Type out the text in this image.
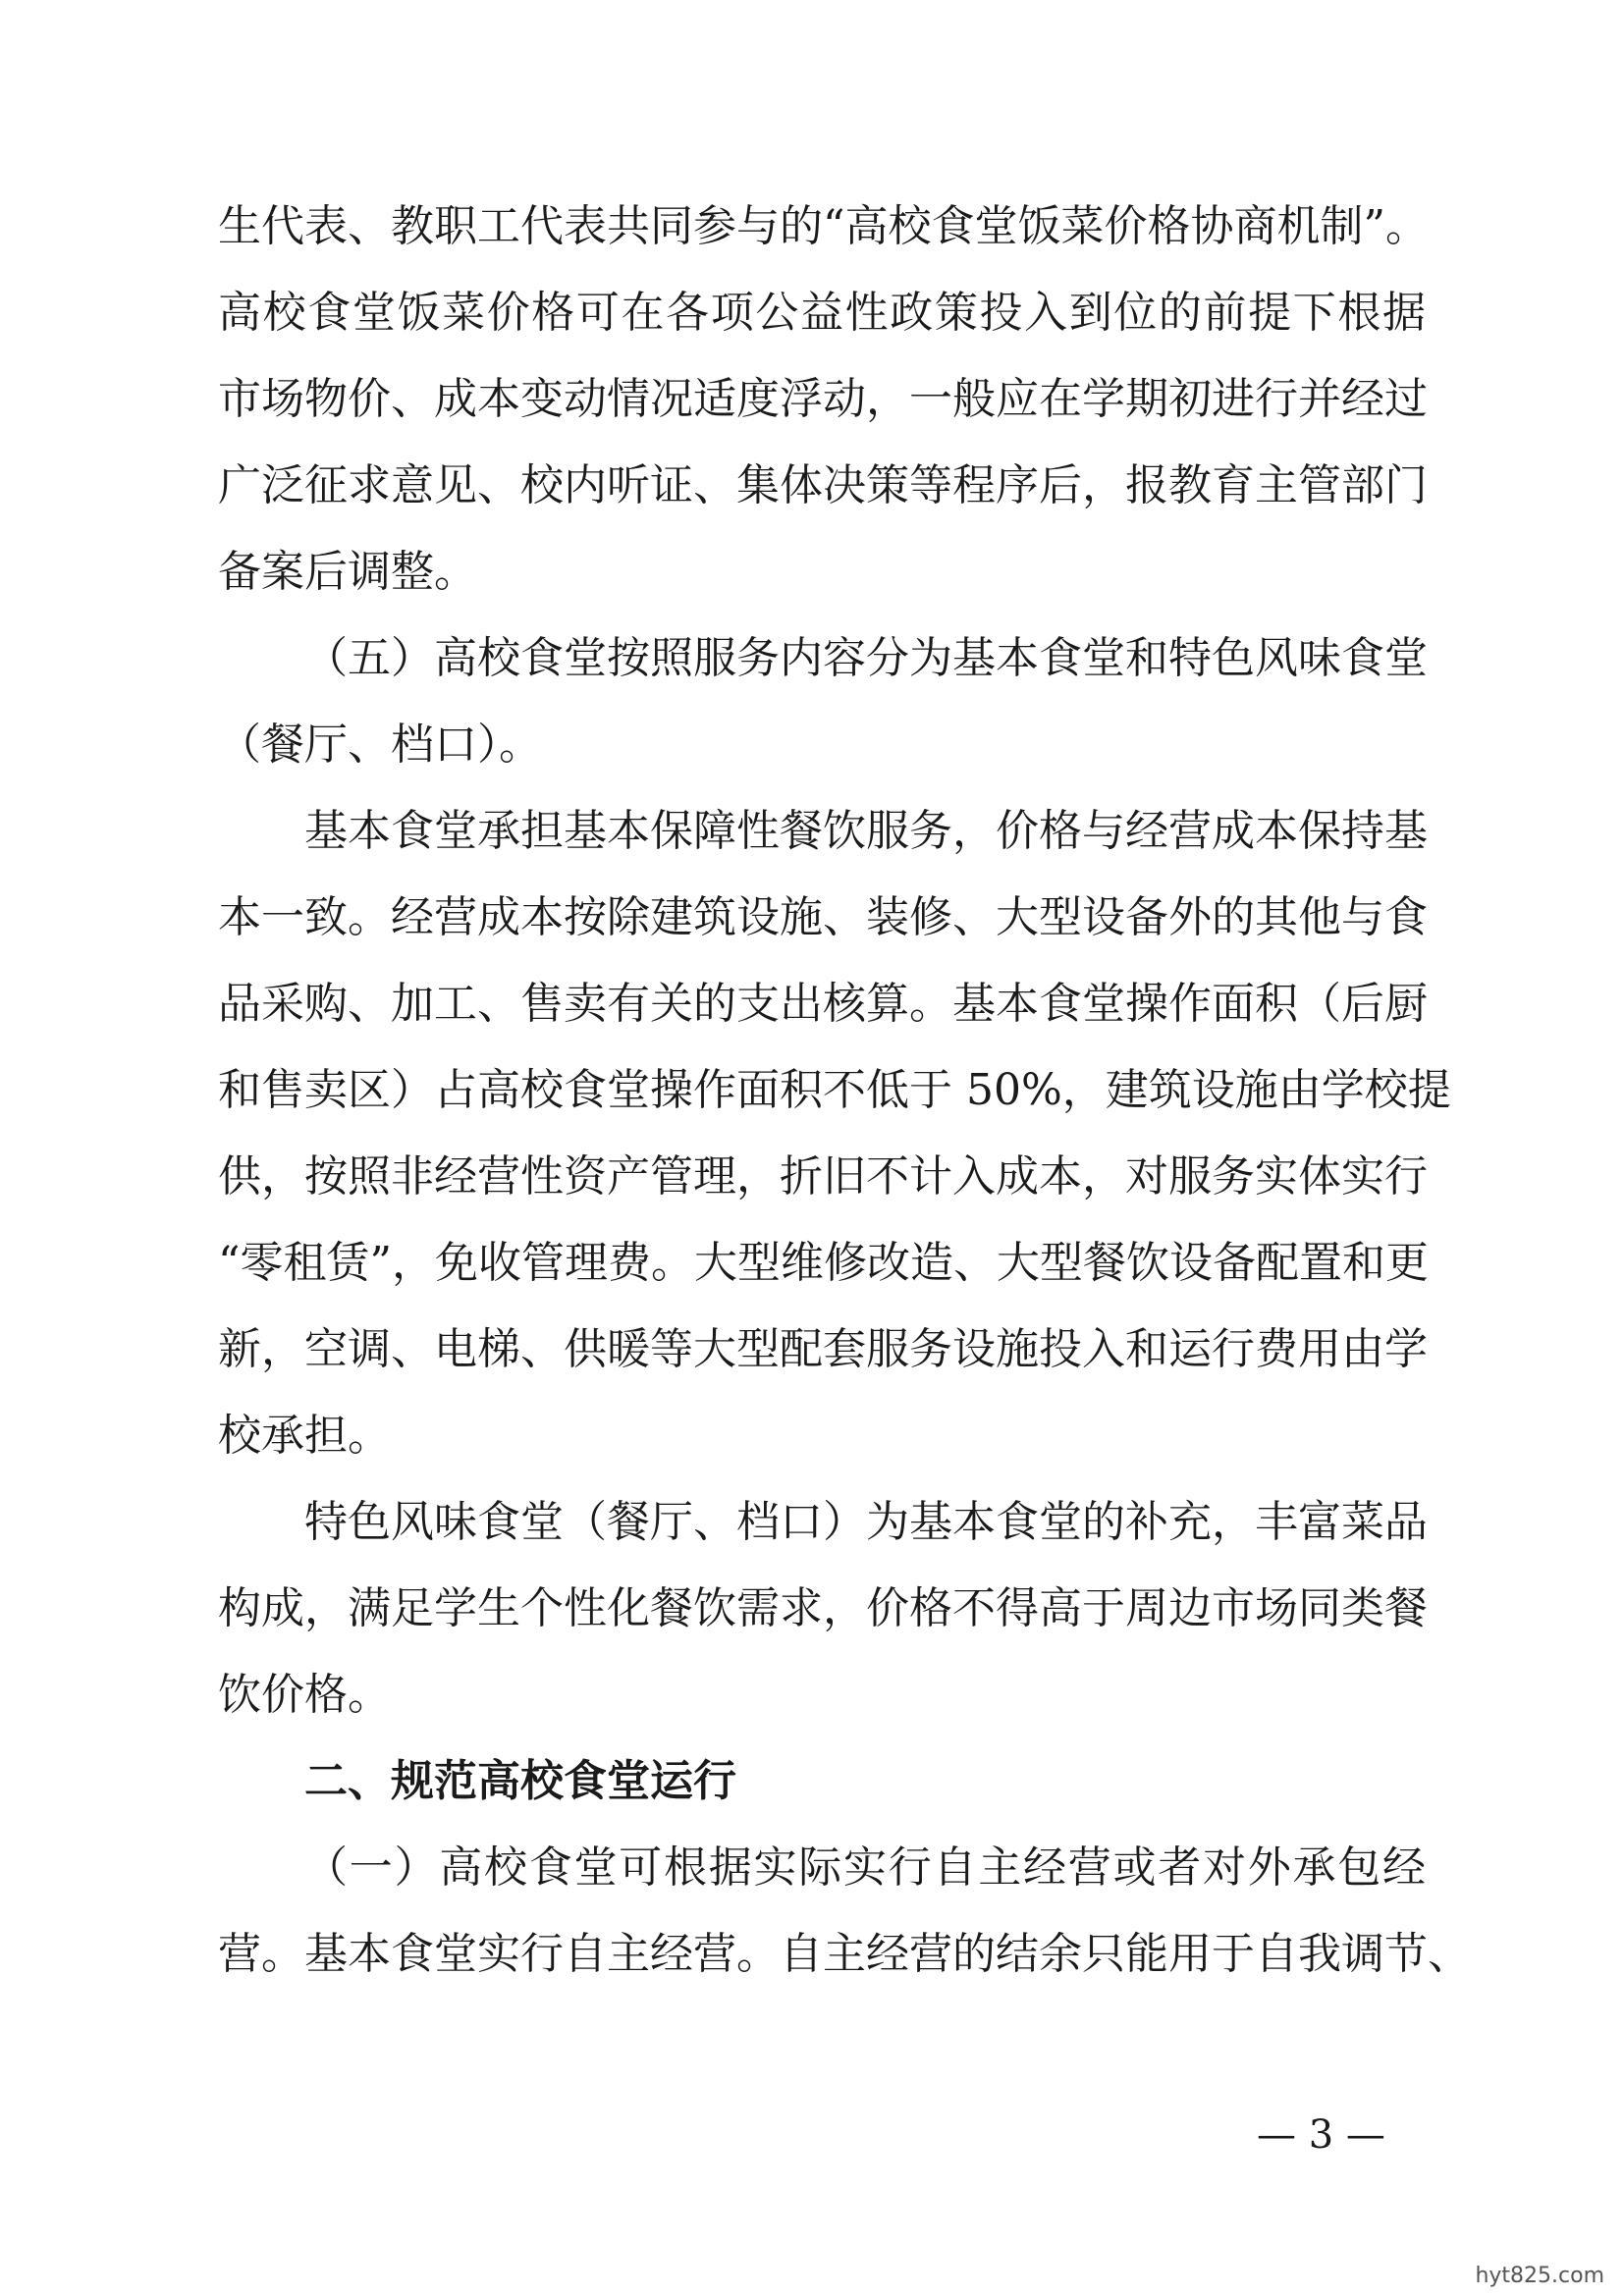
生代表、教职工代表共同参与的“高校食堂饭菜价格协商机制”。
高校食堂饭菜价格可在各项公益性政策投入到位的前提下根据
市场物价、成本变动情况适度浮动，一般应在学期初进行并经过
广泛征求意见、校内听证、集体决策等程序后，报教育主管部门
备案后调整。
（五）高校食堂按照服务内容分为基本食堂和特色风味食堂
（餐厅、档口）。
基本食堂承担基本保障性餐饮服务，价格与经营成本保持基
本一致。经营成本按除建筑设施、装修、大型设备外的其他与食
品采购、加工、售卖有关的支出核算。基本食堂操作面积（后厨
和售卖区）占高校食堂操作面积不低于 50%，建筑设施由学校提
供，按照非经营性资产管理，折旧不计入成本，对服务实体实行
“零租赁”，免收管理费。大型维修改造、大型餐饮设备配置和更
新，空调、电梯、供暖等大型配套服务设施投入和运行费用由学
校承担。
特色风味食堂（餐厅、档口）为基本食堂的补充，丰富菜品
构成，满足学生个性化餐饮需求，价格不得高于周边市场同类餐
饮价格。
二、规范高校食堂运行
（一）高校食堂可根据实际实行自主经营或者对外承包经
营。基本食堂实行自主经营。自主经营的结余只能用于自我调节、
— 3 —
hyt825.com
